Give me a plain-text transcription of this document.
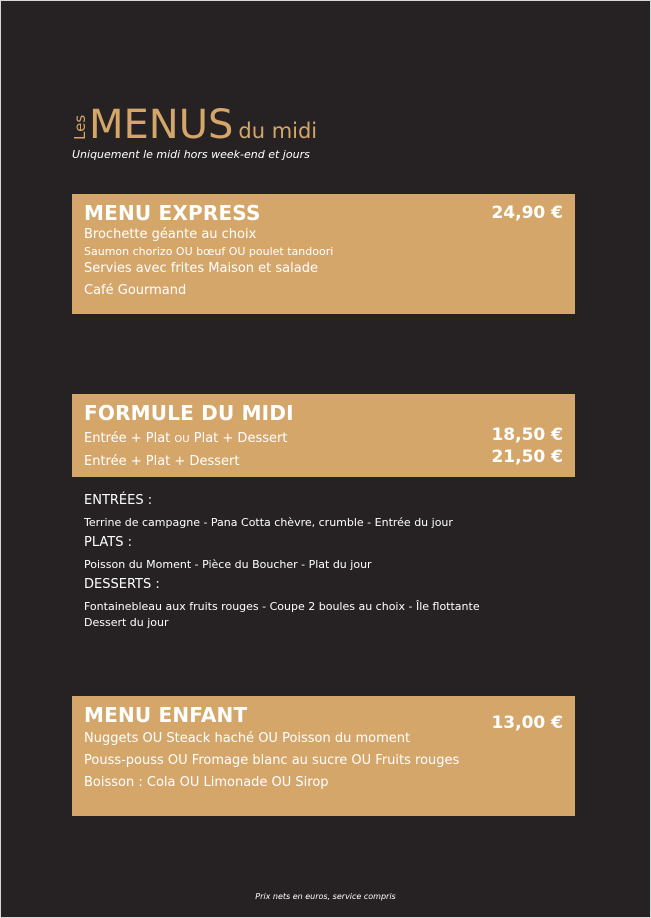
Les MENUS du midi
Uniquement le midi hors week-end et jours
MENU EXPRESS	24,90 €
Brochette géante au choix
Saumon chorizo OU bœuf OU poulet tandoori
Servies avec frites Maison et salade
Café Gourmand
FORMULE DU MIDI
Entrée + Plat OU Plat + Dessert	18,50 €
Entrée + Plat + Dessert	21,50 €
ENTRÉES :
Terrine de campagne - Pana Cotta chèvre, crumble - Entrée du jour
PLATS :
Poisson du Moment - Pièce du Boucher - Plat du jour
DESSERTS :
Fontainebleau aux fruits rouges - Coupe 2 boules au choix - Île flottante
Dessert du jour
MENU ENFANT	13,00 €
Nuggets OU Steack haché OU Poisson du moment
Pouss-pouss OU Fromage blanc au sucre OU Fruits rouges
Boisson : Cola OU Limonade OU Sirop
Prix nets en euros, service compris
